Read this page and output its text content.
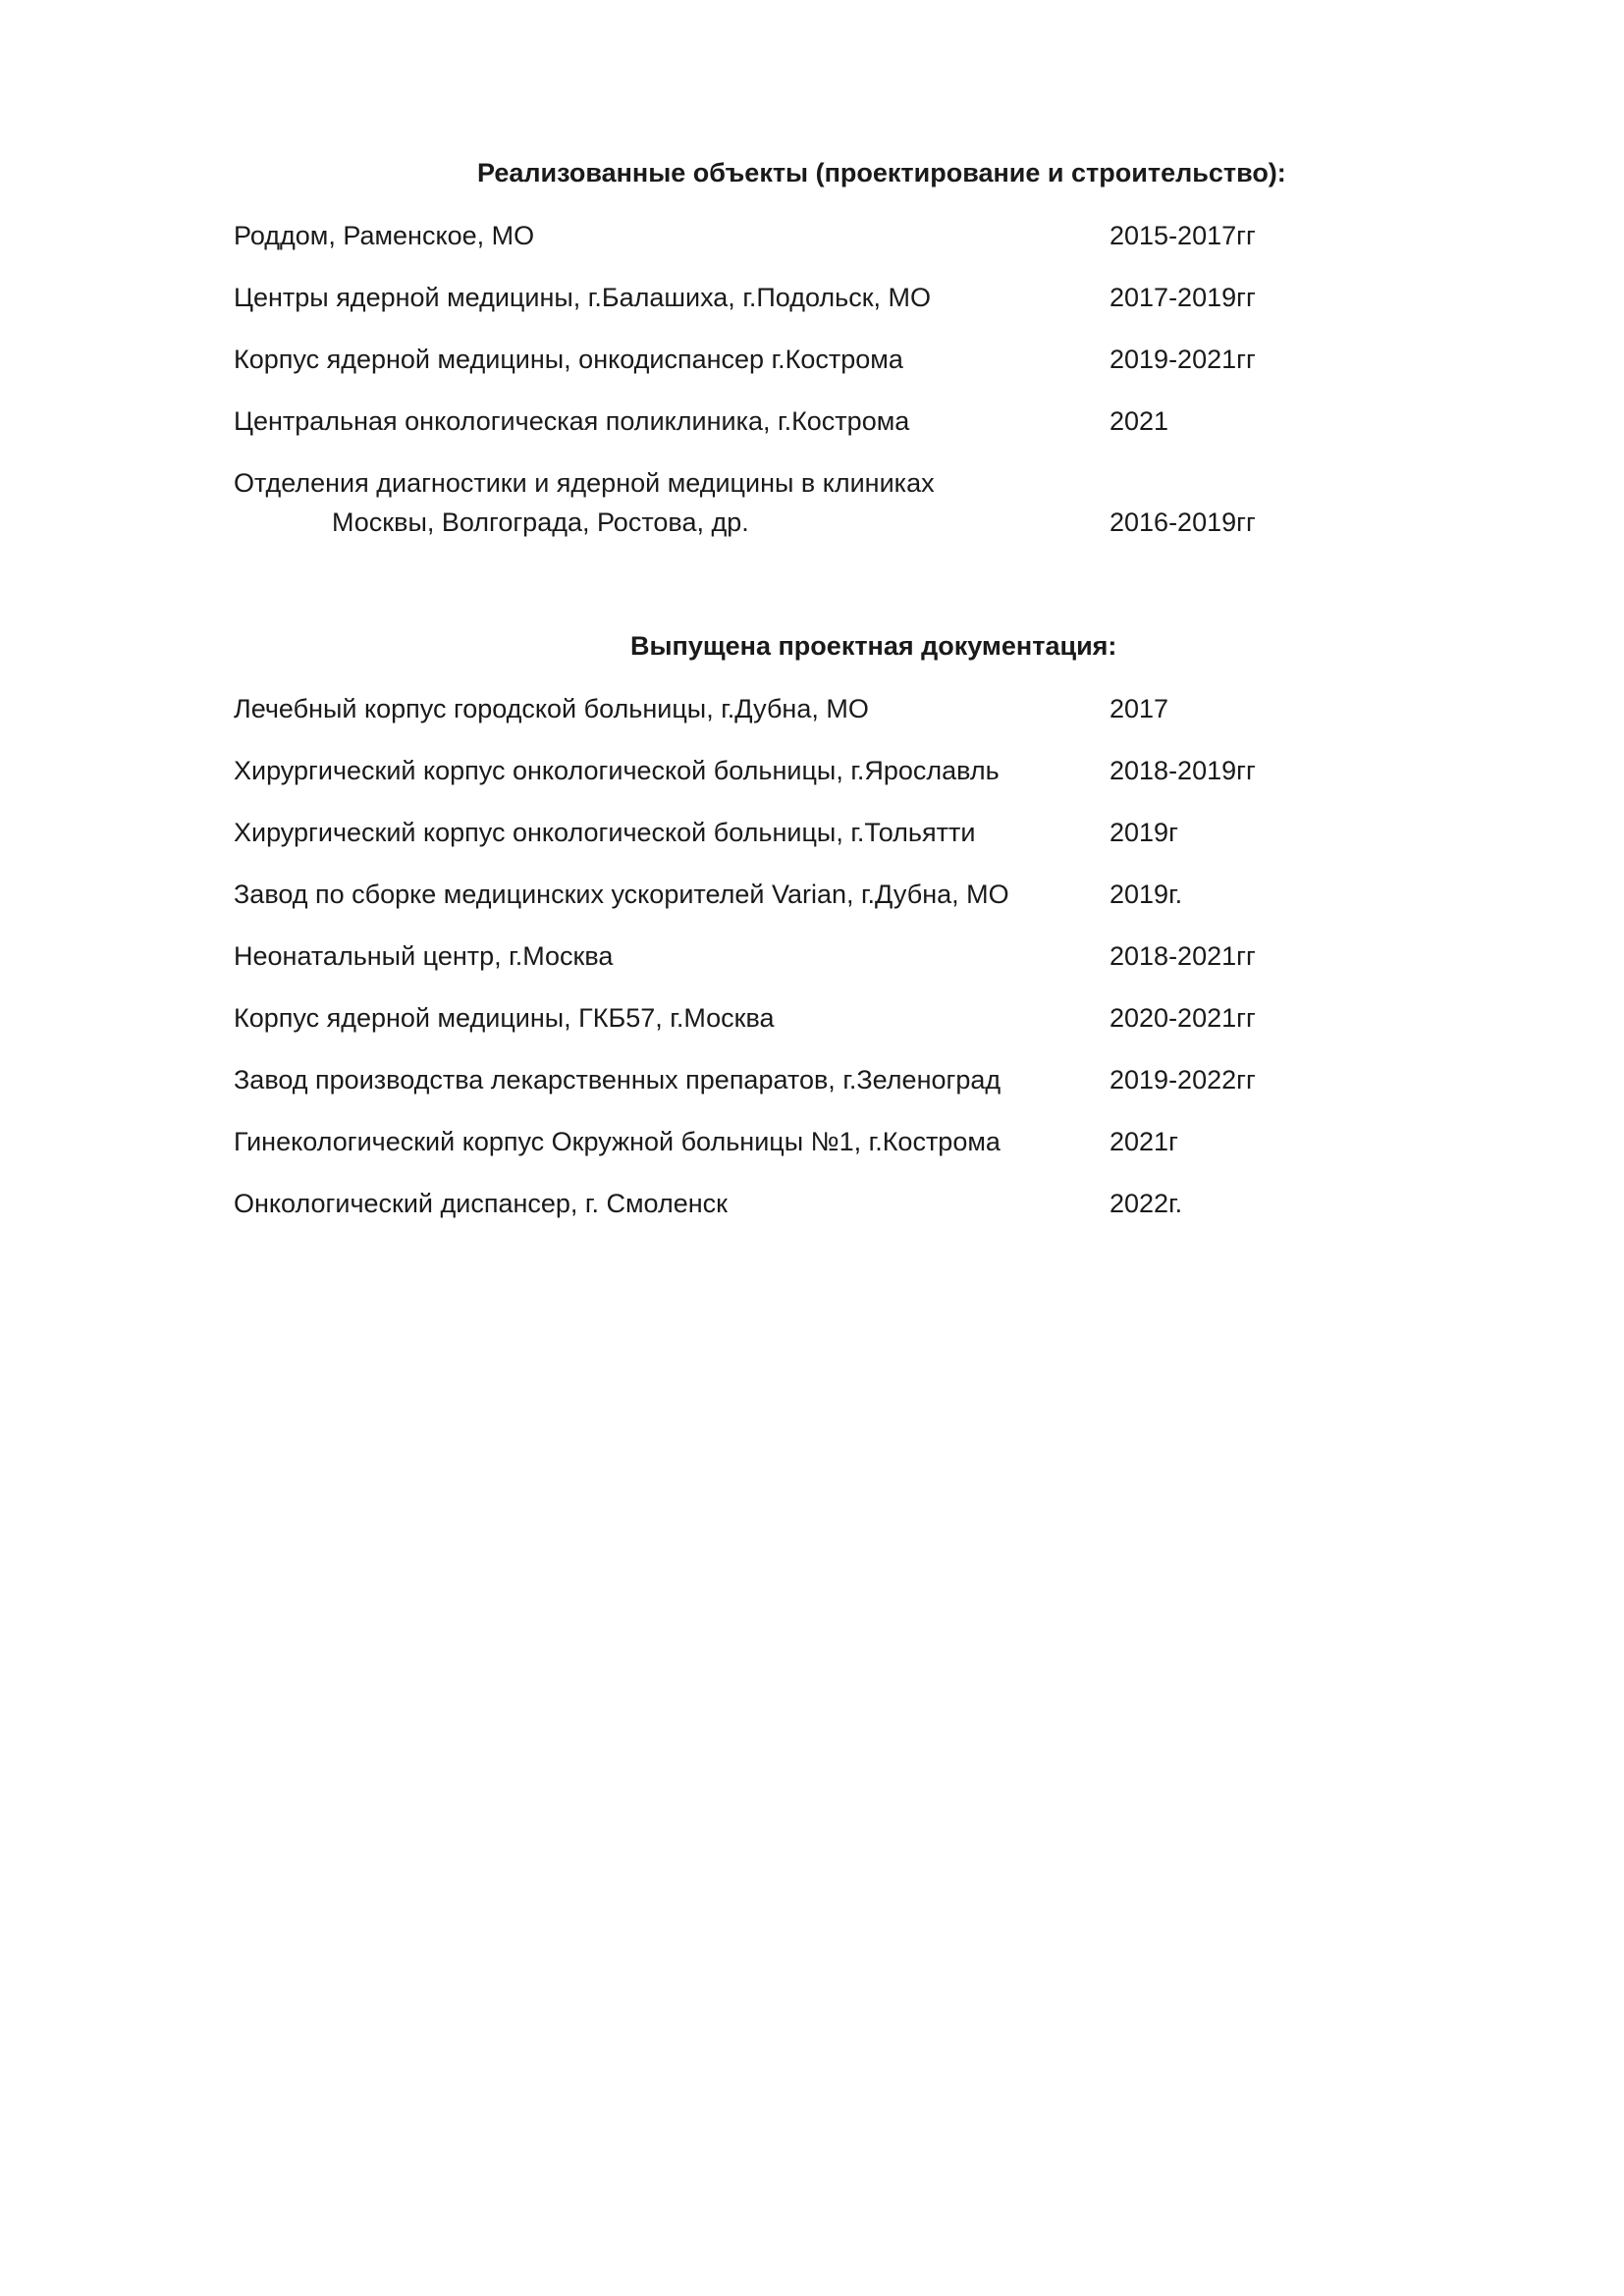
Реализованные объекты (проектирование и строительство):
Роддом, Раменское, МО	2015-2017гг
Центры ядерной медицины, г.Балашиха, г.Подольск, МО	2017-2019гг
Корпус ядерной медицины, онкодиспансер г.Кострома	2019-2021гг
Центральная онкологическая поликлиника, г.Кострома	2021
Отделения диагностики и ядерной медицины в клиниках
Москвы, Волгограда, Ростова, др.	2016-2019гг
Выпущена проектная документация:
Лечебный корпус городской больницы, г.Дубна, МО	2017
Хирургический корпус онкологической больницы, г.Ярославль	2018-2019гг
Хирургический корпус онкологической больницы, г.Тольятти	2019г
Завод по сборке медицинских ускорителей Varian, г.Дубна, МО	2019г.
Неонатальный центр, г.Москва	2018-2021гг
Корпус ядерной медицины, ГКБ57, г.Москва	2020-2021гг
Завод производства лекарственных препаратов, г.Зеленоград	2019-2022гг
Гинекологический корпус Окружной больницы №1, г.Кострома	2021г
Онкологический диспансер, г. Смоленск	2022г.
